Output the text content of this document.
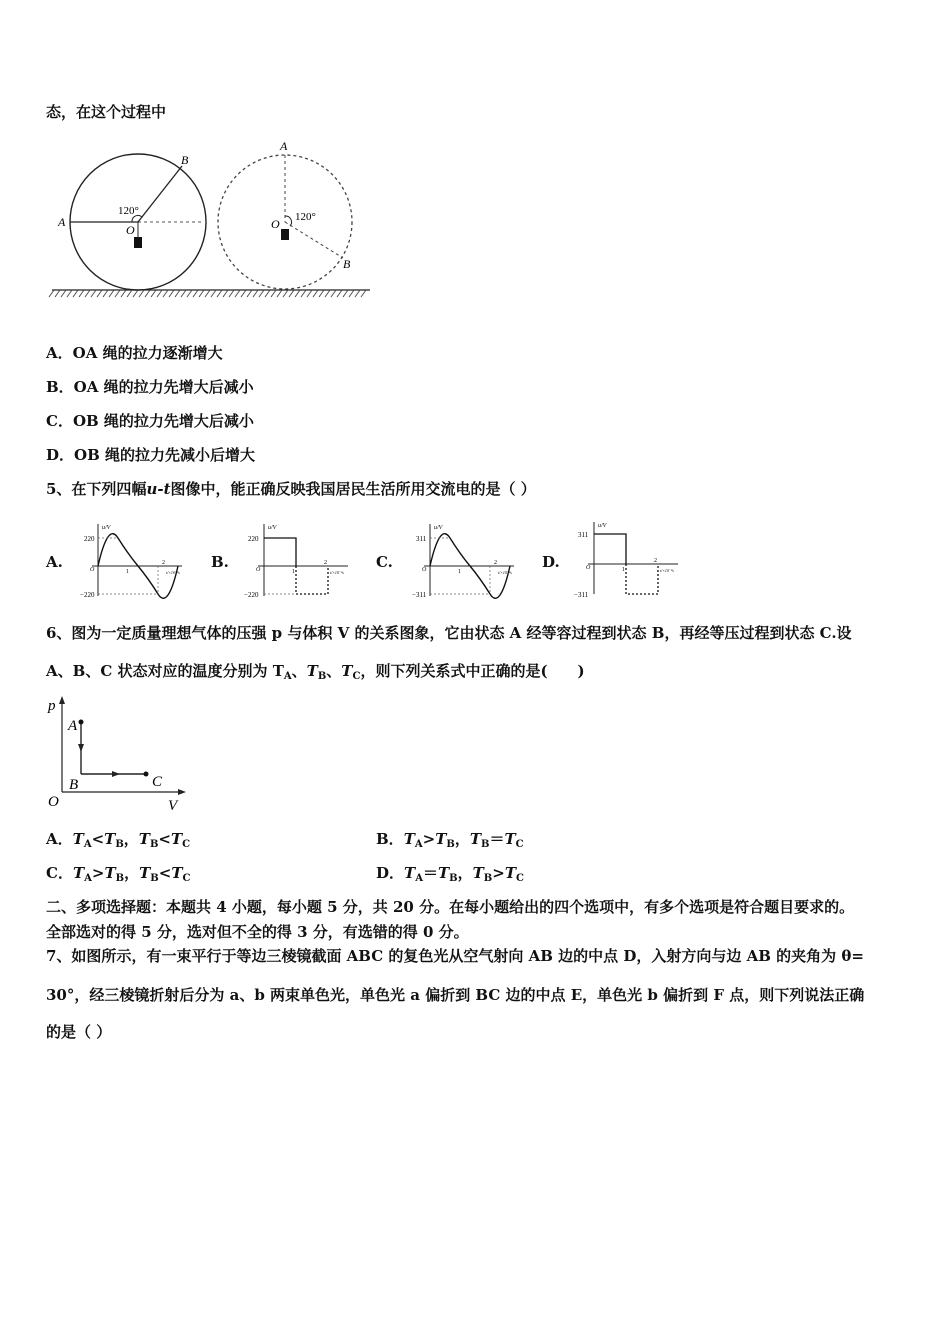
态，在这个过程中
A
B
O
120°
A
B
O 120°
A．OA 绳的拉力逐渐增大
B．OA 绳的拉力先增大后减小
C．OB 绳的拉力先增大后减小
D．OB 绳的拉力先减小后增大
5、在下列四幅u-t图像中，能正确反映我国居民生活所用交流电的是（ ）
A.	B.	C.	D.
u/V
220
−220
O	1
2
t/×10⁻²s
u/V
220
−220
O	1
2
t/×10⁻²s
u/V
311
−311
O	1
2
t/×10⁻²s
u/V
311
−311
O	1
2
t/×10⁻²s
6、图为一定质量理想气体的压强 p 与体积 V 的关系图象，它由状态 A 经等容过程到状态 B，再经等压过程到状态 C.设
A、B、C 状态对应的温度分别为 $T_A$、$T_B$、$T_C$，则下列关系式中正确的是(　　)
p
V
O
A
B	C
A．$T_A<T_B$，$T_B<T_C$	B．$T_A>T_B$，$T_B=T_C$
C．$T_A>T_B$，$T_B<T_C$	D．$T_A=T_B$，$T_B>T_C$
二、多项选择题：本题共 4 小题，每小题 5 分，共 20 分。在每小题给出的四个选项中，有多个选项是符合题目要求的。
全部选对的得 5 分，选对但不全的得 3 分，有选错的得 0 分。
7、如图所示，有一束平行于等边三棱镜截面 ABC 的复色光从空气射向 AB 边的中点 D，入射方向与边 AB 的夹角为 θ=
30°，经三棱镜折射后分为 a、b 两束单色光，单色光 a 偏折到 BC 边的中点 E，单色光 b 偏折到 F 点，则下列说法正确
的是（ ）
